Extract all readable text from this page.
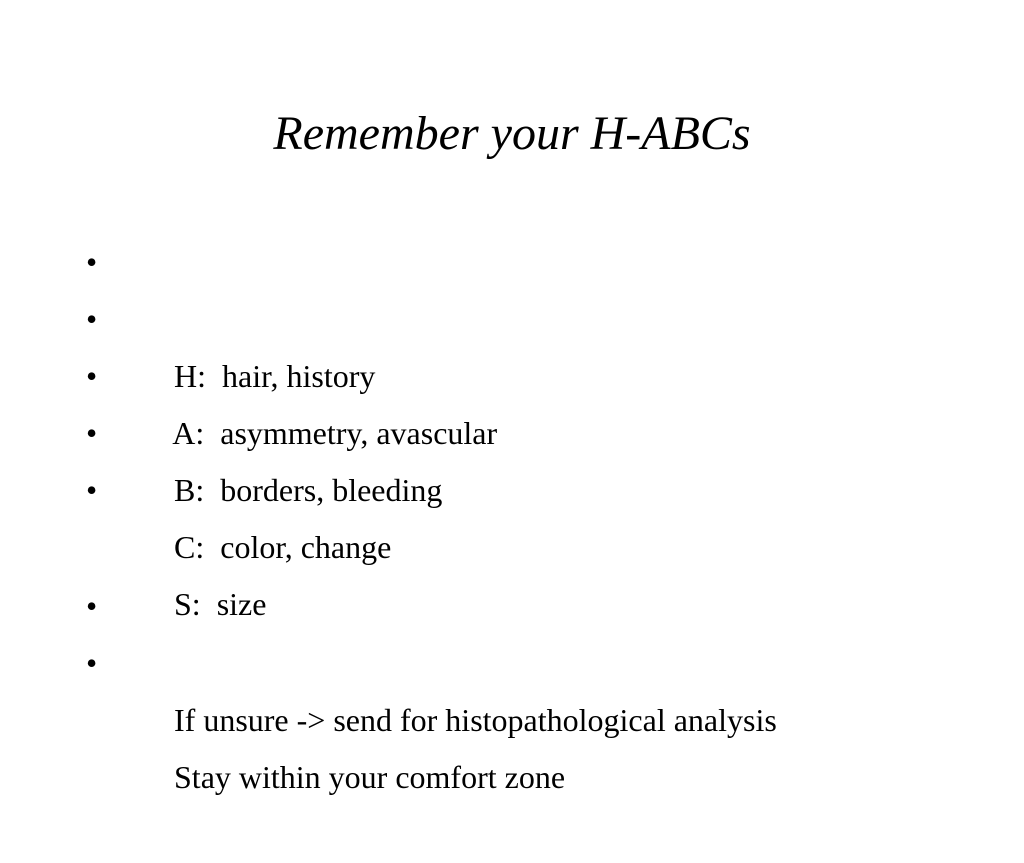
Remember your H-ABCs

•

H:  hair, history

•

A:  asymmetry, avascular

•

B:  borders, bleeding

•

C:  color, change

•

S:  size

•

If unsure -> send for histopathological analysis

•

Stay within your comfort zone
